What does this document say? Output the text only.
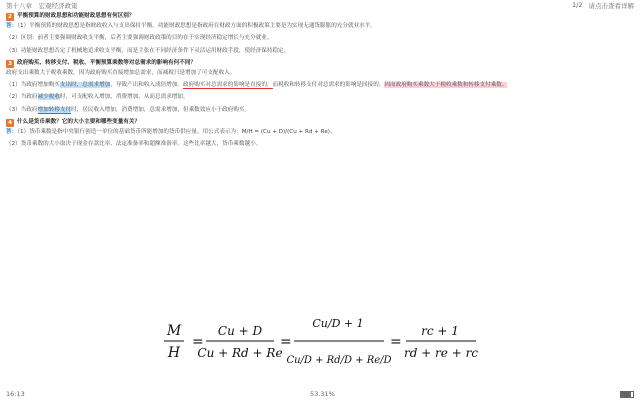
第十八章　宏观经济政策	1/2 请点击查看详解
2 平衡预算的财政思想和功能财政思想有何区别？

答：（1）平衡预算的财政思想是指财政收入与支出保持平衡。功能财政思想是指政府在财政方面的积极政策主要是为实现无通货膨胀的充分就业水平。

（2）区别：前者主要强调财政收支平衡，后者主要强调财政政策的目的在于实现经济稳定增长与充分就业。

（3）功能财政思想否定了机械地追求收支平衡，而是主张在不同经济条件下灵活运用财政手段，使经济保持稳定。

3 政府购买、转移支付、税收、平衡预算乘数等对总需求的影响有何不同？

政府支出乘数大于税收乘数，因为政府购买直接增加总需求，而减税只是增加了可支配收入。

（1）当政府增加购买支出时，总需求增加，导致产出和收入成倍增加。政府购买对总需求的影响是直接的，而税收和转移支付对总需求的影响是间接的。因而政府购买乘数大于税收乘数和转移支付乘数。

（2）当政府减少税收时，可支配收入增加，消费增加，从而总需求增加。

（3）当政府增加转移支付时，居民收入增加，消费增加，总需求增加，但乘数效应小于政府购买。

4 什么是货币乘数？它的大小主要和哪些变量有关？

答：（1）货币乘数是指中央银行创造一单位的基础货币所能增加的货币供应量。用公式表示为：M/H = (Cu + D)/(Cu + Rd + Re)。

（2）货币乘数的大小取决于现金存款比率、法定准备率和超额准备率。这些比率越大，货币乘数越小。

M
H
=
Cu + D
Cu + Rd + Re
=
Cu/D + 1
Cu/D + Rd/D + Re/D
=
rc + 1
rd + re + rc
16:13	53.31%
